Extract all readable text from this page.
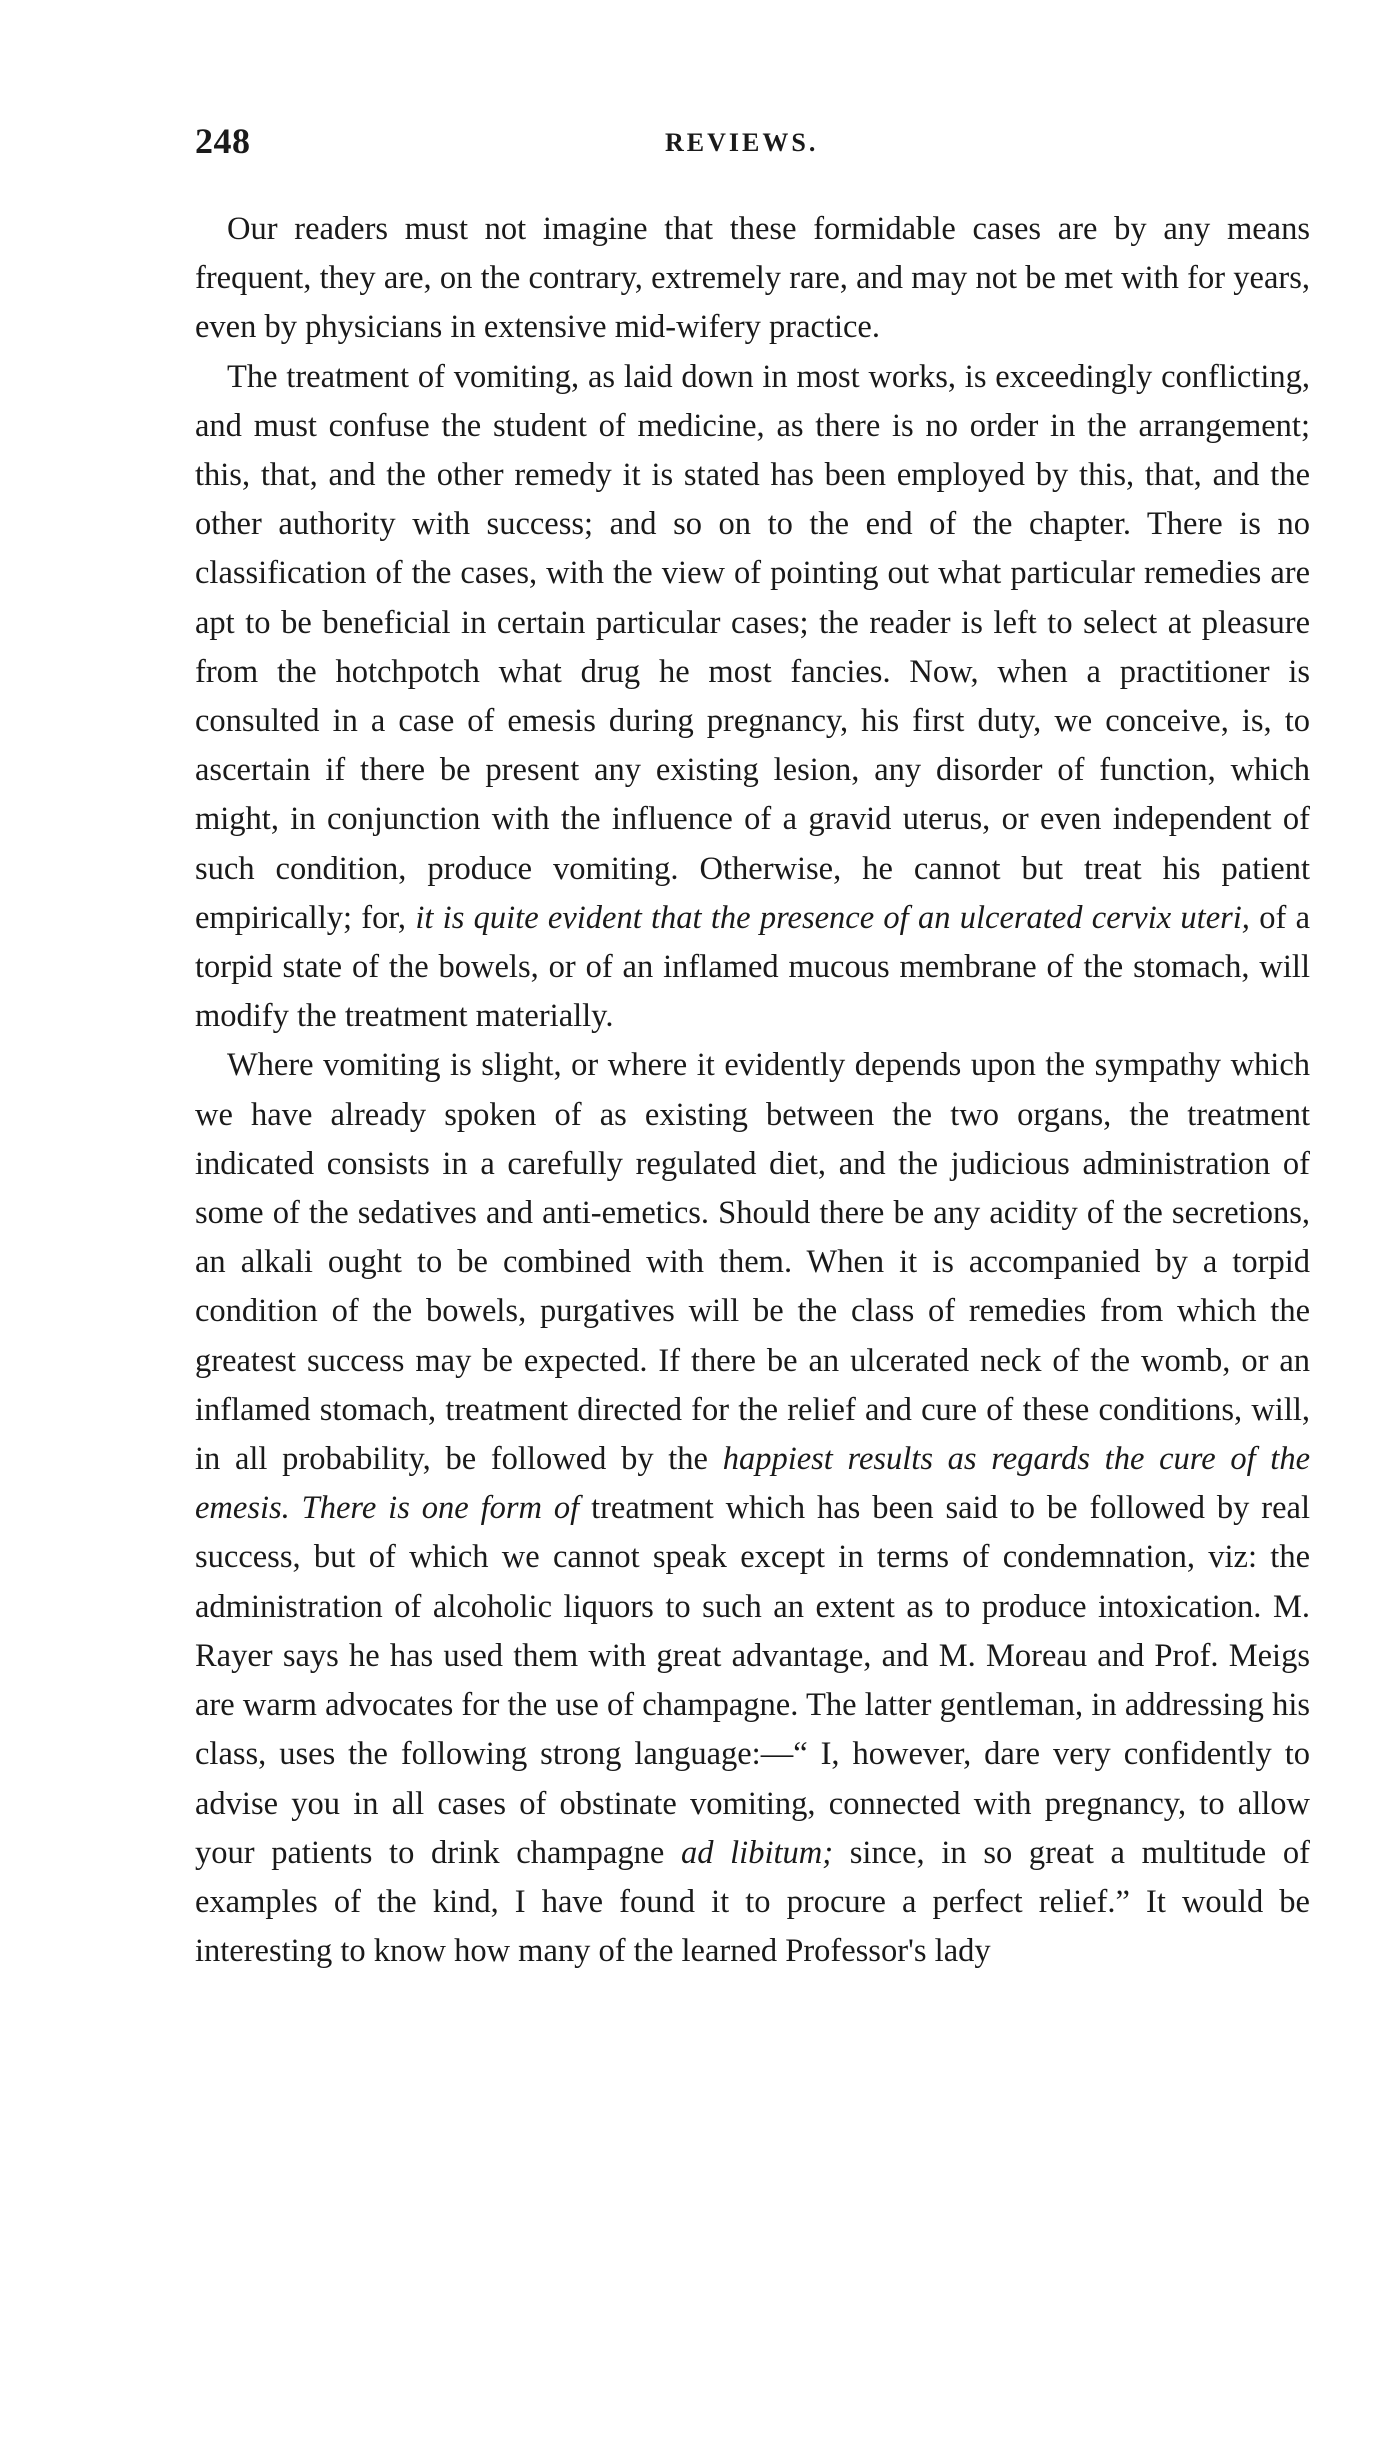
248	REVIEWS.

Our readers must not imagine that these formidable cases are by any means frequent, they are, on the contrary, extremely rare, and may not be met with for years, even by physicians in extensive mid-wifery practice.

The treatment of vomiting, as laid down in most works, is exceedingly conflicting, and must confuse the student of medicine, as there is no order in the arrangement; this, that, and the other remedy it is stated has been employed by this, that, and the other authority with success; and so on to the end of the chapter. There is no classification of the cases, with the view of pointing out what particular remedies are apt to be beneficial in certain particular cases; the reader is left to select at pleasure from the hotchpotch what drug he most fancies. Now, when a practitioner is consulted in a case of emesis during pregnancy, his first duty, we conceive, is, to ascertain if there be present any existing lesion, any disorder of function, which might, in conjunction with the influence of a gravid uterus, or even independent of such condition, produce vomiting. Otherwise, he cannot but treat his patient empirically; for, it is quite evident that the presence of an ulcerated cervix uteri, of a torpid state of the bowels, or of an inflamed mucous membrane of the stomach, will modify the treatment materially.

Where vomiting is slight, or where it evidently depends upon the sympathy which we have already spoken of as existing between the two organs, the treatment indicated consists in a carefully regulated diet, and the judicious administration of some of the sedatives and anti-emetics. Should there be any acidity of the secretions, an alkali ought to be combined with them. When it is accompanied by a torpid condition of the bowels, purgatives will be the class of remedies from which the greatest success may be expected. If there be an ulcerated neck of the womb, or an inflamed stomach, treatment directed for the relief and cure of these conditions, will, in all probability, be followed by the happiest results as regards the cure of the emesis. There is one form of treatment which has been said to be followed by real success, but of which we cannot speak except in terms of condemnation, viz: the administration of alcoholic liquors to such an extent as to produce intoxication. M. Rayer says he has used them with great advantage, and M. Moreau and Prof. Meigs are warm advocates for the use of champagne. The latter gentleman, in addressing his class, uses the following strong language:—“ I, however, dare very confidently to advise you in all cases of obstinate vomiting, connected with pregnancy, to allow your patients to drink champagne ad libitum; since, in so great a multitude of examples of the kind, I have found it to procure a perfect relief.” It would be interesting to know how many of the learned Professor's lady
